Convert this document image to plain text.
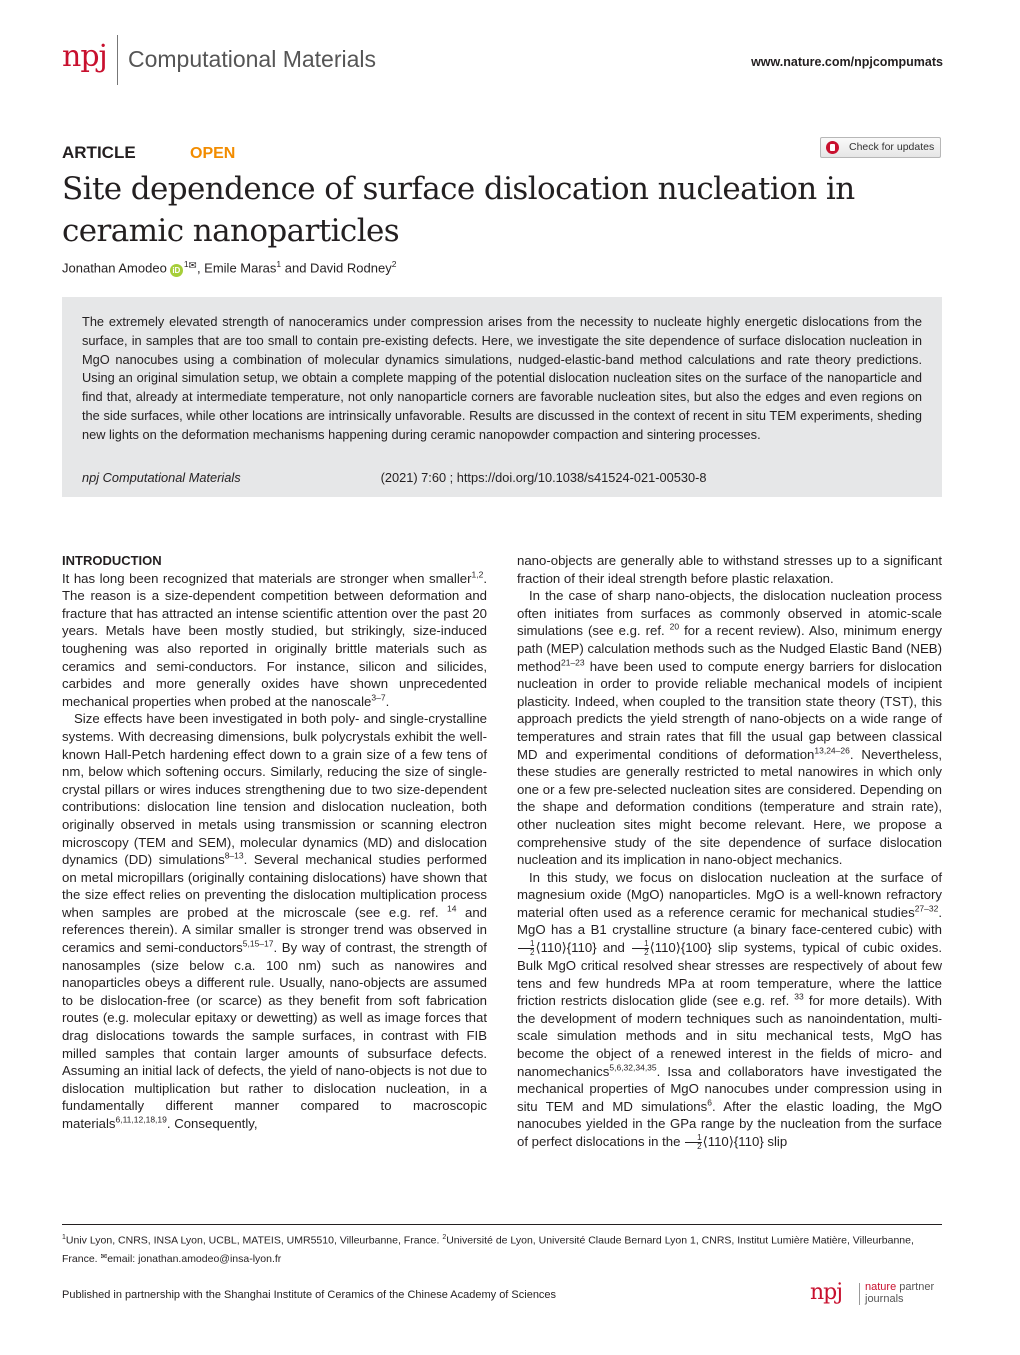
npj Computational Materials	www.nature.com/npjcompumats
ARTICLE	OPEN	Check for updates
Site dependence of surface dislocation nucleation in ceramic nanoparticles
Jonathan Amodeo $iD^{1✉}$, Emile Maras$^1$ and David Rodney$^2$
The extremely elevated strength of nanoceramics under compression arises from the necessity to nucleate highly energetic dislocations from the surface, in samples that are too small to contain pre-existing defects. Here, we investigate the site dependence of surface dislocation nucleation in MgO nanocubes using a combination of molecular dynamics simulations, nudged-elastic-band method calculations and rate theory predictions. Using an original simulation setup, we obtain a complete mapping of the potential dislocation nucleation sites on the surface of the nanoparticle and find that, already at intermediate temperature, not only nanoparticle corners are favorable nucleation sites, but also the edges and even regions on the side surfaces, while other locations are intrinsically unfavorable. Results are discussed in the context of recent in situ TEM experiments, sheding new lights on the deformation mechanisms happening during ceramic nanopowder compaction and sintering processes.
npj Computational Materials	(2021) 7:60 ; https://doi.org/10.1038/s41524-021-00530-8
INTRODUCTION

It has long been recognized that materials are stronger when smaller$^{1,2}$. The reason is a size-dependent competition between deformation and fracture that has attracted an intense scientific attention over the past 20 years. Metals have been mostly studied, but strikingly, size-induced toughening was also reported in originally brittle materials such as ceramics and semi-conductors. For instance, silicon and silicides, carbides and more generally oxides have shown unprecedented mechanical properties when probed at the nanoscale$^{3-7}$.

Size effects have been investigated in both poly- and single-crystalline systems. With decreasing dimensions, bulk polycrystals exhibit the well-known Hall-Petch hardening effect down to a grain size of a few tens of nm, below which softening occurs. Similarly, reducing the size of single-crystal pillars or wires induces strengthening due to two size-dependent contributions: dislocation line tension and dislocation nucleation, both originally observed in metals using transmission or scanning electron microscopy (TEM and SEM), molecular dynamics (MD) and dislocation dynamics (DD) simulations$^{8-13}$. Several mechanical studies performed on metal micropillars (originally containing dislocations) have shown that the size effect relies on preventing the dislocation multiplication process when samples are probed at the microscale (see e.g. ref. $^{14}$ and references therein). A similar smaller is stronger trend was observed in ceramics and semi-conductors$^{5,15-17}$. By way of contrast, the strength of nanosamples (size below c.a. 100 nm) such as nanowires and nanoparticles obeys a different rule. Usually, nano-objects are assumed to be dislocation-free (or scarce) as they benefit from soft fabrication routes (e.g. molecular epitaxy or dewetting) as well as image forces that drag dislocations towards the sample surfaces, in contrast with FIB milled samples that contain larger amounts of subsurface defects. Assuming an initial lack of defects, the yield of nano-objects is not due to dislocation multiplication but rather to dislocation nucleation, in a fundamentally different manner compared to macroscopic materials$^{6,11,12,18,19}$. Consequently,

nano-objects are generally able to withstand stresses up to a significant fraction of their ideal strength before plastic relaxation.

In the case of sharp nano-objects, the dislocation nucleation process often initiates from surfaces as commonly observed in atomic-scale simulations (see e.g. ref. $^{20}$ for a recent review). Also, minimum energy path (MEP) calculation methods such as the Nudged Elastic Band (NEB) method$^{21-23}$ have been used to compute energy barriers for dislocation nucleation in order to provide reliable mechanical models of incipient plasticity. Indeed, when coupled to the transition state theory (TST), this approach predicts the yield strength of nano-objects on a wide range of temperatures and strain rates that fill the usual gap between classical MD and experimental conditions of deformation$^{13,24-26}$. Nevertheless, these studies are generally restricted to metal nanowires in which only one or a few pre-selected nucleation sites are considered. Depending on the shape and deformation conditions (temperature and strain rate), other nucleation sites might become relevant. Here, we propose a comprehensive study of the site dependence of surface dislocation nucleation and its implication in nano-object mechanics.

In this study, we focus on dislocation nucleation at the surface of magnesium oxide (MgO) nanoparticles. MgO is a well-known refractory material often used as a reference ceramic for mechanical studies$^{27-32}$. MgO has a B1 crystalline structure (a binary face-centered cubic) with
$\frac{1}{2}$ ⟨110⟩{110} and $\frac{1}{2}$ ⟨110⟩{100} slip systems, typical of cubic oxides. Bulk MgO critical resolved shear stresses are respectively of about few tens and few hundreds MPa at room temperature, where the lattice friction restricts dislocation glide (see e.g. ref. $^{33}$ for more details). With the development of modern techniques such as nanoindentation, multi-scale simulation methods and in situ mechanical tests, MgO has become the object of a renewed interest in the fields of micro- and nanomechanics$^{5,6,32,34,35}$. Issa and collaborators have investigated the mechanical properties of MgO nanocubes under compression using in situ TEM and MD simulations$^6$. After the elastic loading, the MgO nanocubes yielded in the GPa range by the nucleation from the surface of perfect dislocations in the $\frac{1}{2}$ ⟨110⟩{110} slip

$^1$Univ Lyon, CNRS, INSA Lyon, UCBL, MATEIS, UMR5510, Villeurbanne, France. $^2$Université de Lyon, Université Claude Bernard Lyon 1, CNRS, Institut Lumière Matière, Villeurbanne, France. ✉email: jonathan.amodeo@insa-lyon.fr
Published in partnership with the Shanghai Institute of Ceramics of the Chinese Academy of Sciences	npj nature partner
journals
